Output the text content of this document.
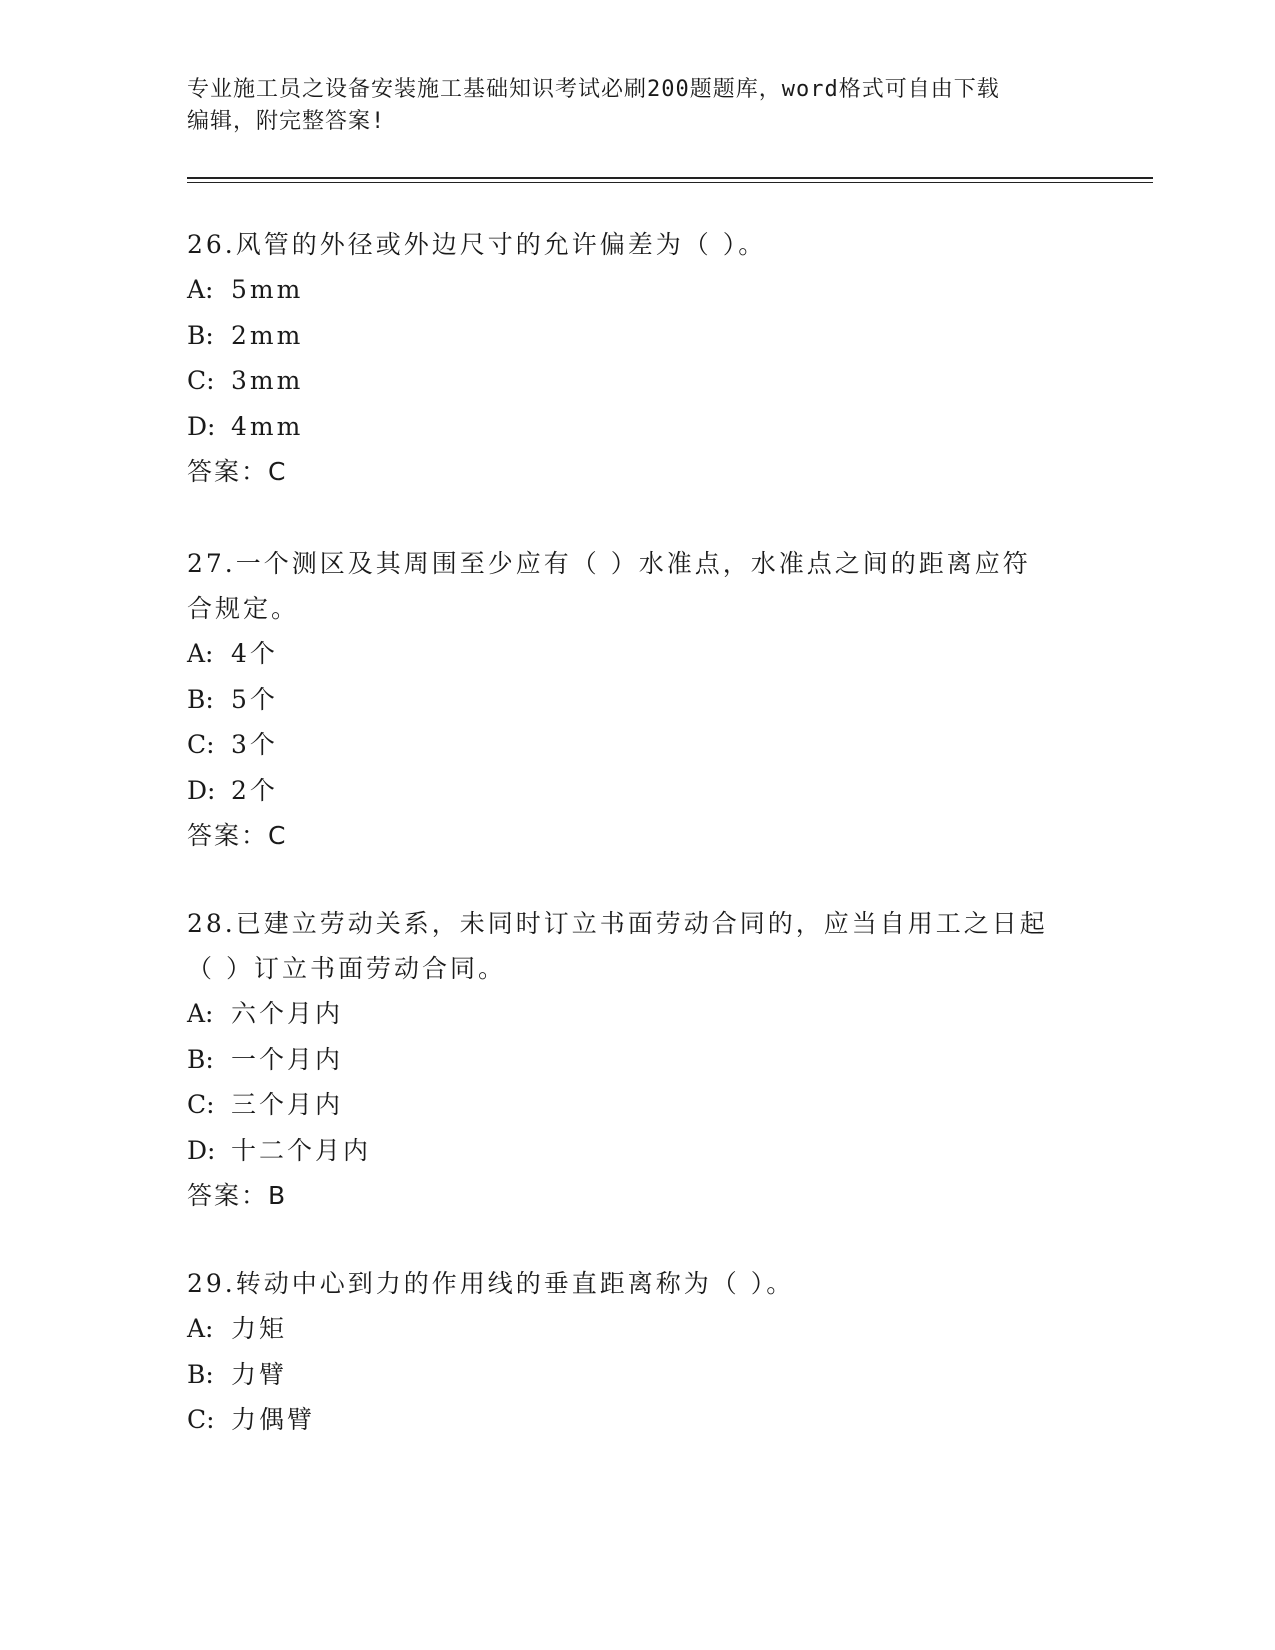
专业施工员之设备安装施工基础知识考试必刷200题题库，word格式可自由下载
编辑，附完整答案!

26.风管的外径或外边尺寸的允许偏差为（ ）。

A: 5mm

B: 2mm

C: 3mm

D: 4mm

答案：C

27.一个测区及其周围至少应有（ ）水准点，水准点之间的距离应符

合规定。

A: 4个

B: 5个

C: 3个

D: 2个

答案：C

28.已建立劳动关系，未同时订立书面劳动合同的，应当自用工之日起

（ ）订立书面劳动合同。

A: 六个月内

B: 一个月内

C: 三个月内

D: 十二个月内

答案：B

29.转动中心到力的作用线的垂直距离称为（ ）。

A: 力矩

B: 力臂

C: 力偶臂
